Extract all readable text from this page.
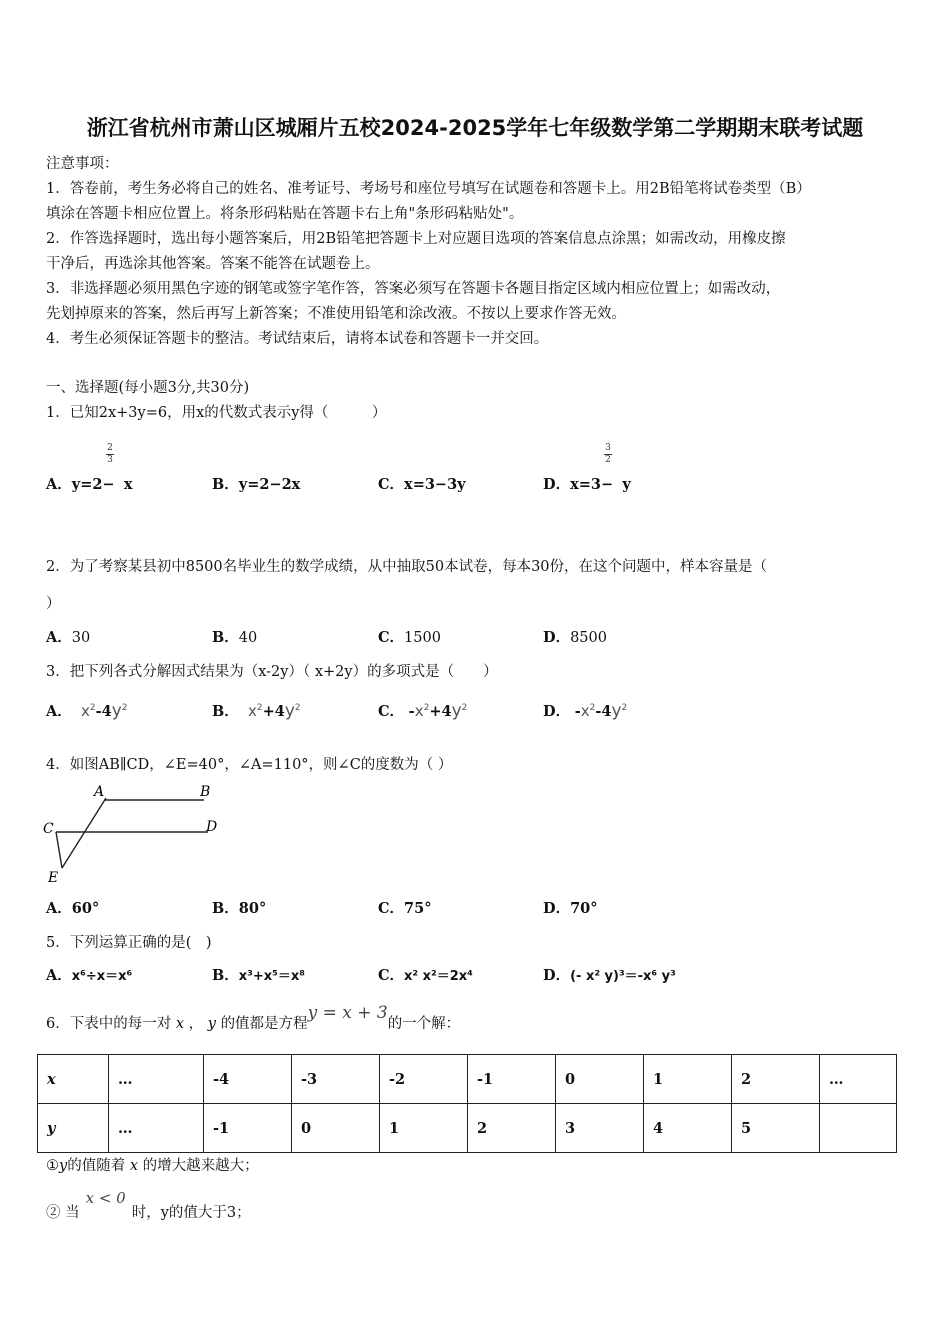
浙江省杭州市萧山区城厢片五校2024-2025学年七年级数学第二学期期末联考试题
注意事项：
1．答卷前，考生务必将自己的姓名、准考证号、考场号和座位号填写在试题卷和答题卡上。用2B铅笔将试卷类型（B）
填涂在答题卡相应位置上。将条形码粘贴在答题卡右上角"条形码粘贴处"。
2．作答选择题时，选出每小题答案后，用2B铅笔把答题卡上对应题目选项的答案信息点涂黑；如需改动，用橡皮擦
干净后，再选涂其他答案。答案不能答在试题卷上。
3．非选择题必须用黑色字迹的钢笔或签字笔作答，答案必须写在答题卡各题目指定区域内相应位置上；如需改动，
先划掉原来的答案，然后再写上新答案；不准使用铅笔和涂改液。不按以上要求作答无效。
4．考生必须保证答题卡的整洁。考试结束后，请将本试卷和答题卡一并交回。
一、选择题(每小题3分,共30分)
1．已知2x+3y=6，用x的代数式表示y得（　　　）
2
3
A．y=2− x	B．y=2−2x	C．x=3−3y
3
2
D．x=3− y
2．为了考察某县初中8500名毕业生的数学成绩，从中抽取50本试卷，每本30份，在这个问题中，样本容量是（
）
A．30	B．40	C．1500	D．8500
3．把下列各式分解因式结果为（x-2y）（ x+2y）的多项式是（　　）
A． $x^2-4y^2$	B． $x^2+4y^2$	C． $-x^2+4y^2$	D． $-x^2-4y^2$
4．如图AB∥CD，∠E=40°，∠A=110°，则∠C的度数为（ ）
A	B
C	D
E
A．60°	B．80°	C．75°	D．70°
5．下列运算正确的是(　)
A．x⁶÷x＝x⁶	B．x³+x⁵＝x⁸	C．x² x²＝2x⁴	D．(- x² y)³＝-x⁶ y³
6．下表中的每一对 x ， y 的值都是方程y = x + 3的一个解：
x	…	-4	-3	-2	-1	0	1	2	…
y	…	-1	0	1	2	3	4	5	
①y的值随着 x 的增大越来越大；
② 当x < 0时，y的值大于3；
